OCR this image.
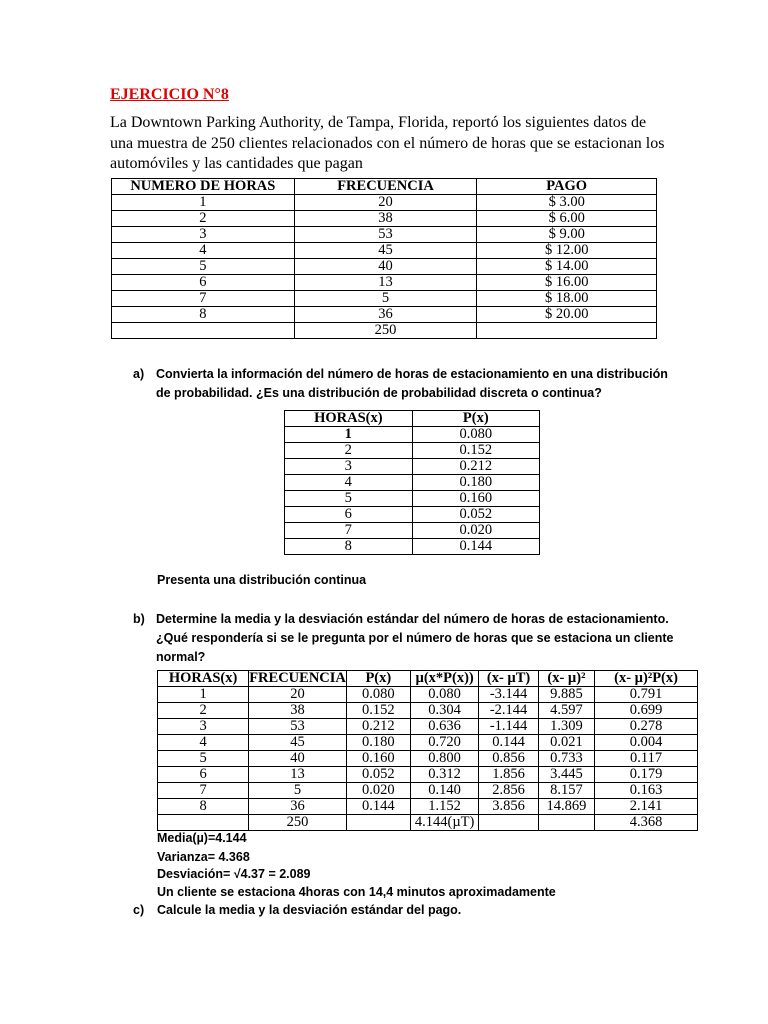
EJERCICIO N°8
La Downtown Parking Authority, de Tampa, Florida, reportó los siguientes datos de una muestra de 250 clientes relacionados con el número de horas que se estacionan los automóviles y las cantidades que pagan
NUMERO DE HORAS	FRECUENCIA	PAGO
1	20	$ 3.00
2	38	$ 6.00
3	53	$ 9.00
4	45	$ 12.00
5	40	$ 14.00
6	13	$ 16.00
7	5	$ 18.00
8	36	$ 20.00
	250	
a) Convierta la información del número de horas de estacionamiento en una distribución de probabilidad. ¿Es una distribución de probabilidad discreta o continua?
HORAS(x)	P(x)
1	0.080
2	0.152
3	0.212
4	0.180
5	0.160
6	0.052
7	0.020
8	0.144
Presenta una distribución continua
b) Determine la media y la desviación estándar del número de horas de estacionamiento. ¿Qué respondería si se le pregunta por el número de horas que se estaciona un cliente normal?
HORAS(x)	FRECUENCIA	P(x)	µ(x*P(x))	(x- µT)	(x- µ)²	(x- µ)²P(x)
1	20	0.080	0.080	-3.144	9.885	0.791
2	38	0.152	0.304	-2.144	4.597	0.699
3	53	0.212	0.636	-1.144	1.309	0.278
4	45	0.180	0.720	0.144	0.021	0.004
5	40	0.160	0.800	0.856	0.733	0.117
6	13	0.052	0.312	1.856	3.445	0.179
7	5	0.020	0.140	2.856	8.157	0.163
8	36	0.144	1.152	3.856	14.869	2.141
	250		4.144(µT)			4.368
Media(µ)=4.144
Varianza= 4.368
Desviación= √4.37 = 2.089
Un cliente se estaciona 4horas con 14,4 minutos aproximadamente
c) Calcule la media y la desviación estándar del pago.
